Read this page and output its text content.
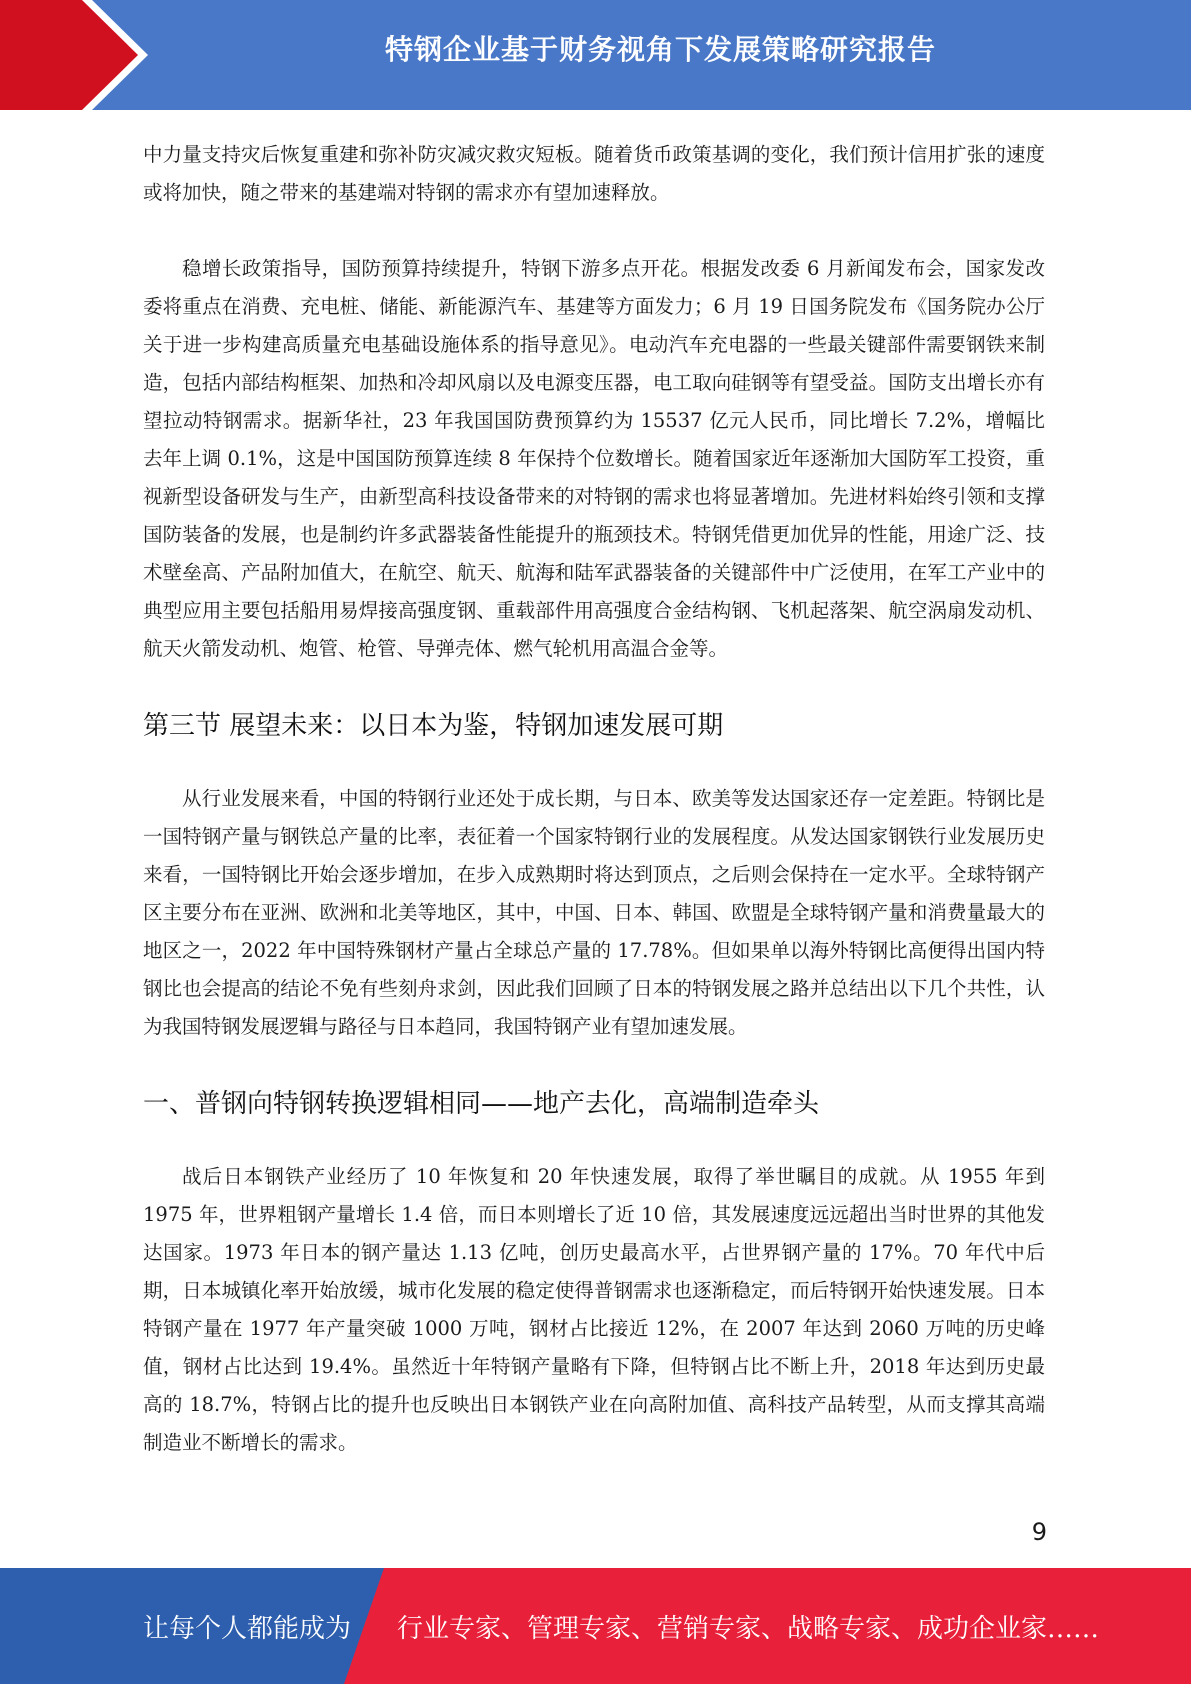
特钢企业基于财务视角下发展策略研究报告

中力量支持灾后恢复重建和弥补防灾减灾救灾短板。随着货币政策基调的变化，我们预计信用扩张的速度或将加快，随之带来的基建端对特钢的需求亦有望加速释放。

稳增长政策指导，国防预算持续提升，特钢下游多点开花。根据发改委 6 月新闻发布会，国家发改委将重点在消费、充电桩、储能、新能源汽车、基建等方面发力；6 月 19 日国务院发布《国务院办公厅关于进一步构建高质量充电基础设施体系的指导意见》。电动汽车充电器的一些最关键部件需要钢铁来制造，包括内部结构框架、加热和冷却风扇以及电源变压器，电工取向硅钢等有望受益。国防支出增长亦有望拉动特钢需求。据新华社，23 年我国国防费预算约为 15537 亿元人民币，同比增长 7.2%，增幅比去年上调 0.1%，这是中国国防预算连续 8 年保持个位数增长。随着国家近年逐渐加大国防军工投资，重视新型设备研发与生产，由新型高科技设备带来的对特钢的需求也将显著增加。先进材料始终引领和支撑国防装备的发展，也是制约许多武器装备性能提升的瓶颈技术。特钢凭借更加优异的性能，用途广泛、技术壁垒高、产品附加值大，在航空、航天、航海和陆军武器装备的关键部件中广泛使用，在军工产业中的典型应用主要包括船用易焊接高强度钢、重载部件用高强度合金结构钢、飞机起落架、航空涡扇发动机、航天火箭发动机、炮管、枪管、导弹壳体、燃气轮机用高温合金等。

第三节 展望未来：以日本为鉴，特钢加速发展可期

从行业发展来看，中国的特钢行业还处于成长期，与日本、欧美等发达国家还存一定差距。特钢比是一国特钢产量与钢铁总产量的比率，表征着一个国家特钢行业的发展程度。从发达国家钢铁行业发展历史来看，一国特钢比开始会逐步增加，在步入成熟期时将达到顶点，之后则会保持在一定水平。全球特钢产区主要分布在亚洲、欧洲和北美等地区，其中，中国、日本、韩国、欧盟是全球特钢产量和消费量最大的地区之一，2022 年中国特殊钢材产量占全球总产量的 17.78%。但如果单以海外特钢比高便得出国内特钢比也会提高的结论不免有些刻舟求剑，因此我们回顾了日本的特钢发展之路并总结出以下几个共性，认为我国特钢发展逻辑与路径与日本趋同，我国特钢产业有望加速发展。

一、普钢向特钢转换逻辑相同——地产去化，高端制造牵头

战后日本钢铁产业经历了 10 年恢复和 20 年快速发展，取得了举世瞩目的成就。从 1955 年到 1975 年，世界粗钢产量增长 1.4 倍，而日本则增长了近 10 倍，其发展速度远远超出当时世界的其他发达国家。1973 年日本的钢产量达 1.13 亿吨，创历史最高水平，占世界钢产量的 17%。70 年代中后期，日本城镇化率开始放缓，城市化发展的稳定使得普钢需求也逐渐稳定，而后特钢开始快速发展。日本特钢产量在 1977 年产量突破 1000 万吨，钢材占比接近 12%，在 2007 年达到 2060 万吨的历史峰值，钢材占比达到 19.4%。虽然近十年特钢产量略有下降，但特钢占比不断上升，2018 年达到历史最高的 18.7%，特钢占比的提升也反映出日本钢铁产业在向高附加值、高科技产品转型，从而支撑其高端制造业不断增长的需求。

9
让每个人都能成为 行业专家、管理专家、营销专家、战略专家、成功企业家……
